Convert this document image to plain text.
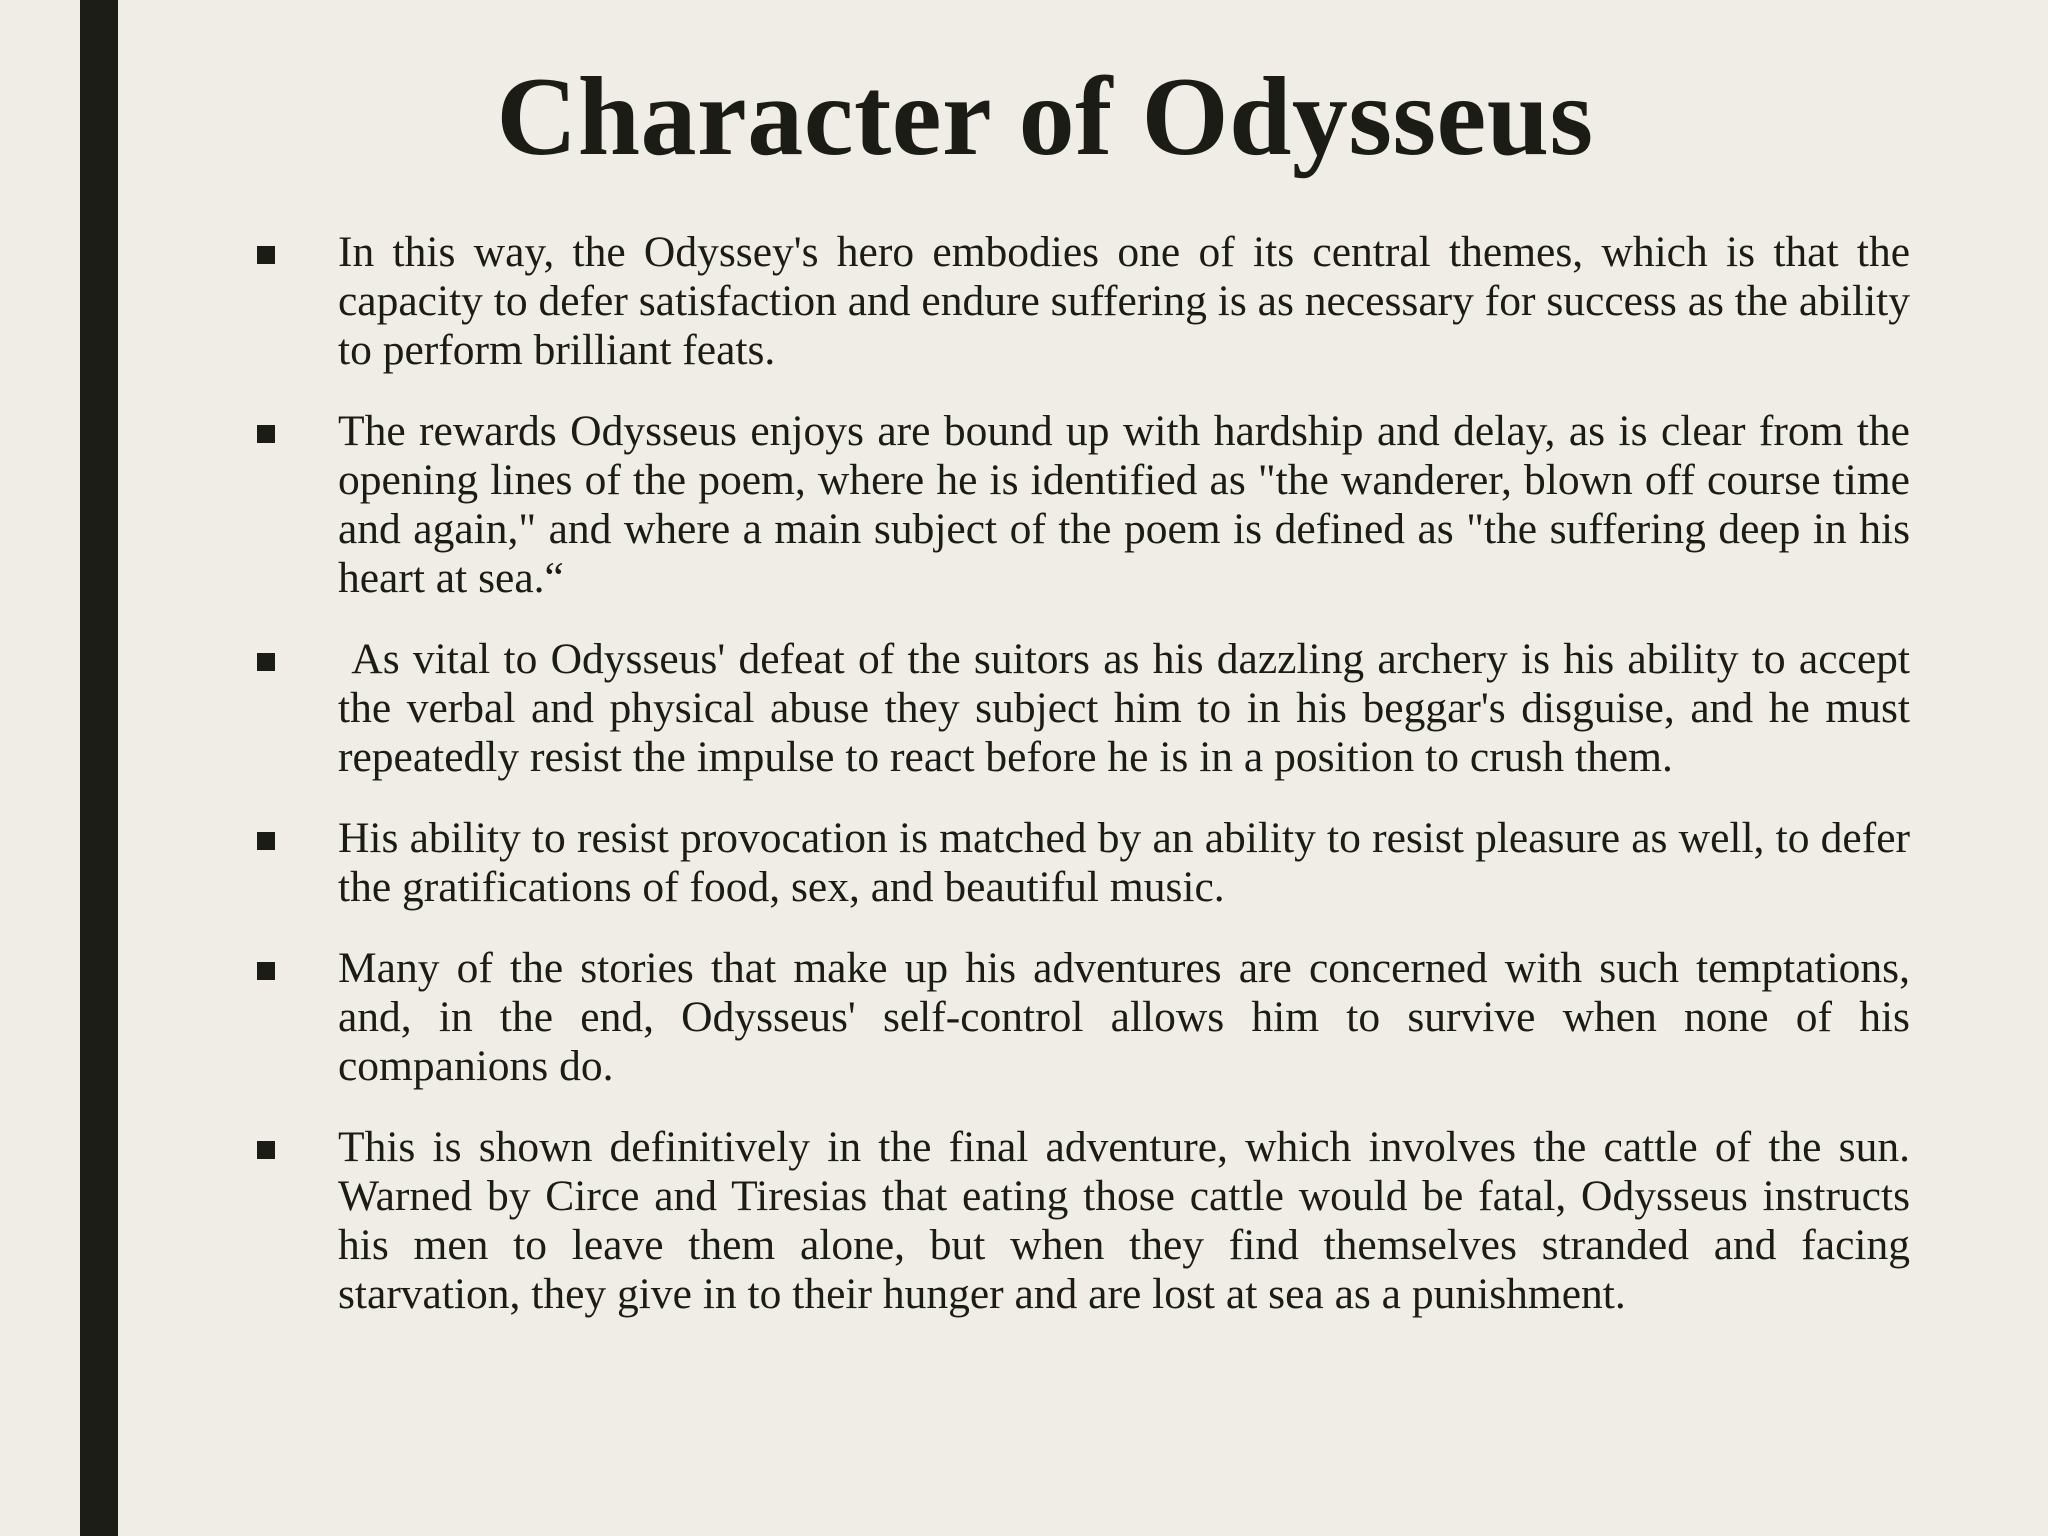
Character of Odysseus
In this way, the Odyssey's hero embodies one of its central themes, which is that the capacity to defer satisfaction and endure suffering is as necessary for success as the ability to perform brilliant feats.
The rewards Odysseus enjoys are bound up with hardship and delay, as is clear from the opening lines of the poem, where he is identified as "the wanderer, blown off course time and again," and where a main subject of the poem is defined as "the suffering deep in his heart at sea.“
As vital to Odysseus' defeat of the suitors as his dazzling archery is his ability to accept the verbal and physical abuse they subject him to in his beggar's disguise, and he must repeatedly resist the impulse to react before he is in a position to crush them.
His ability to resist provocation is matched by an ability to resist pleasure as well, to defer the gratifications of food, sex, and beautiful music.
Many of the stories that make up his adventures are concerned with such temptations, and, in the end, Odysseus' self-control allows him to survive when none of his companions do.
This is shown definitively in the final adventure, which involves the cattle of the sun. Warned by Circe and Tiresias that eating those cattle would be fatal, Odysseus instructs his men to leave them alone, but when they find themselves stranded and facing starvation, they give in to their hunger and are lost at sea as a punishment.
